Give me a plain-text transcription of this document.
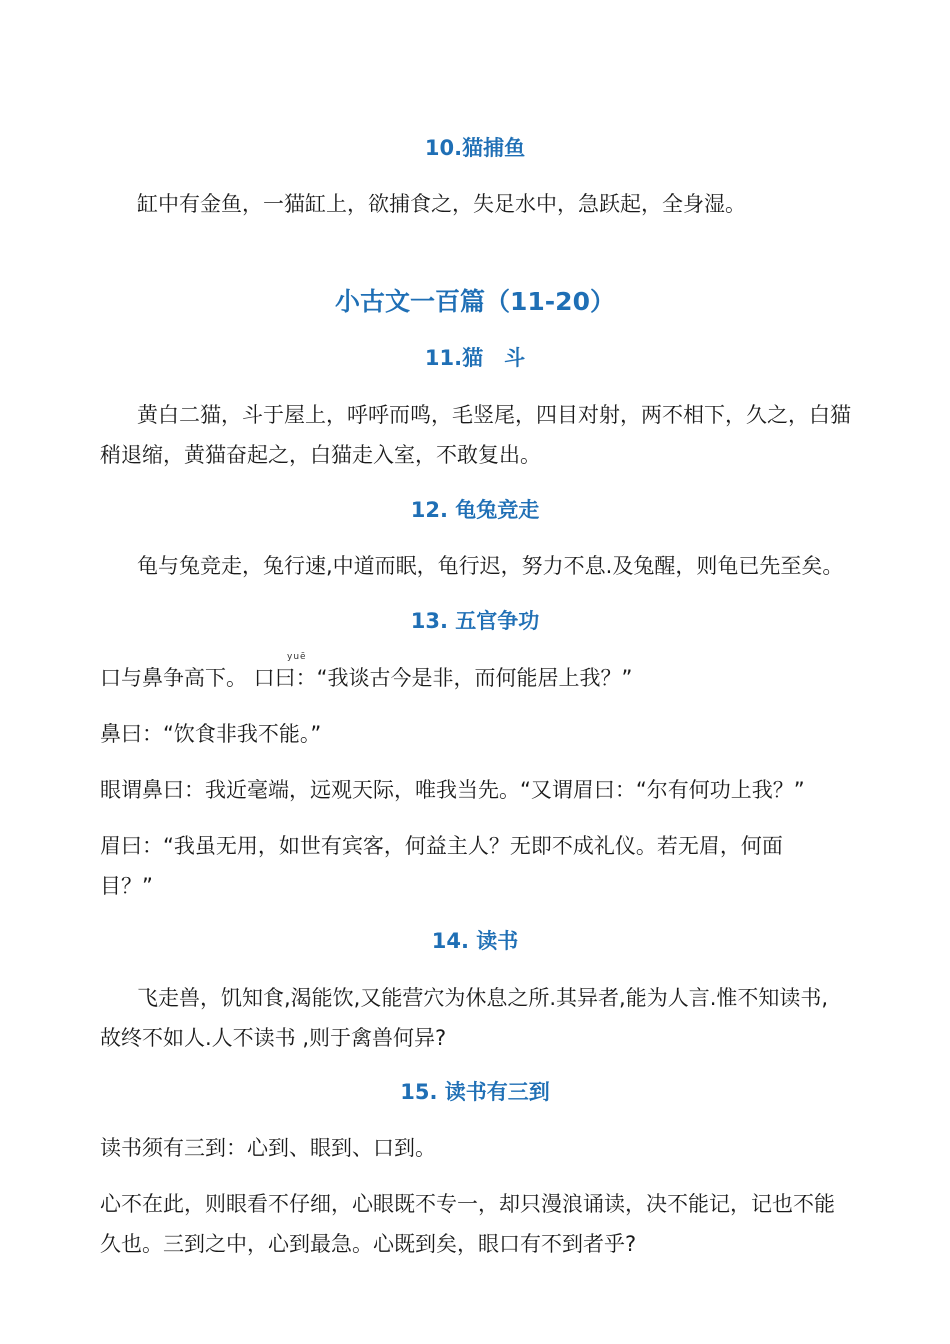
10.猫捕鱼

缸中有金鱼，一猫缸上，欲捕食之，失足水中，急跃起，全身湿。

小古文一百篇（11-20）
11.猫　斗

黄白二猫，斗于屋上，呼呼而鸣，毛竖尾，四目对射，两不相下，久之，白猫

稍退缩，黄猫奋起之，白猫走入室，不敢复出。

12. 龟兔竞走

龟与兔竞走，兔行速,中道而眠，龟行迟，努力不息.及兔醒，则龟已先至矣。

13. 五官争功
yuē

口与鼻争高下。 口曰：“我谈古今是非，而何能居上我？”

鼻曰：“饮食非我不能。”

眼谓鼻曰：我近毫端，远观天际，唯我当先。“又谓眉曰：“尔有何功上我？”

眉曰：“我虽无用，如世有宾客，何益主人？无即不成礼仪。若无眉，何面

目？”

14. 读书

飞走兽，饥知食,渴能饮,又能营穴为休息之所.其异者,能为人言.惟不知读书,

故终不如人.人不读书 ,则于禽兽何异?

15. 读书有三到

读书须有三到：心到、眼到、口到。

心不在此，则眼看不仔细，心眼既不专一，却只漫浪诵读，决不能记，记也不能

久也。三到之中，心到最急。心既到矣，眼口有不到者乎?
